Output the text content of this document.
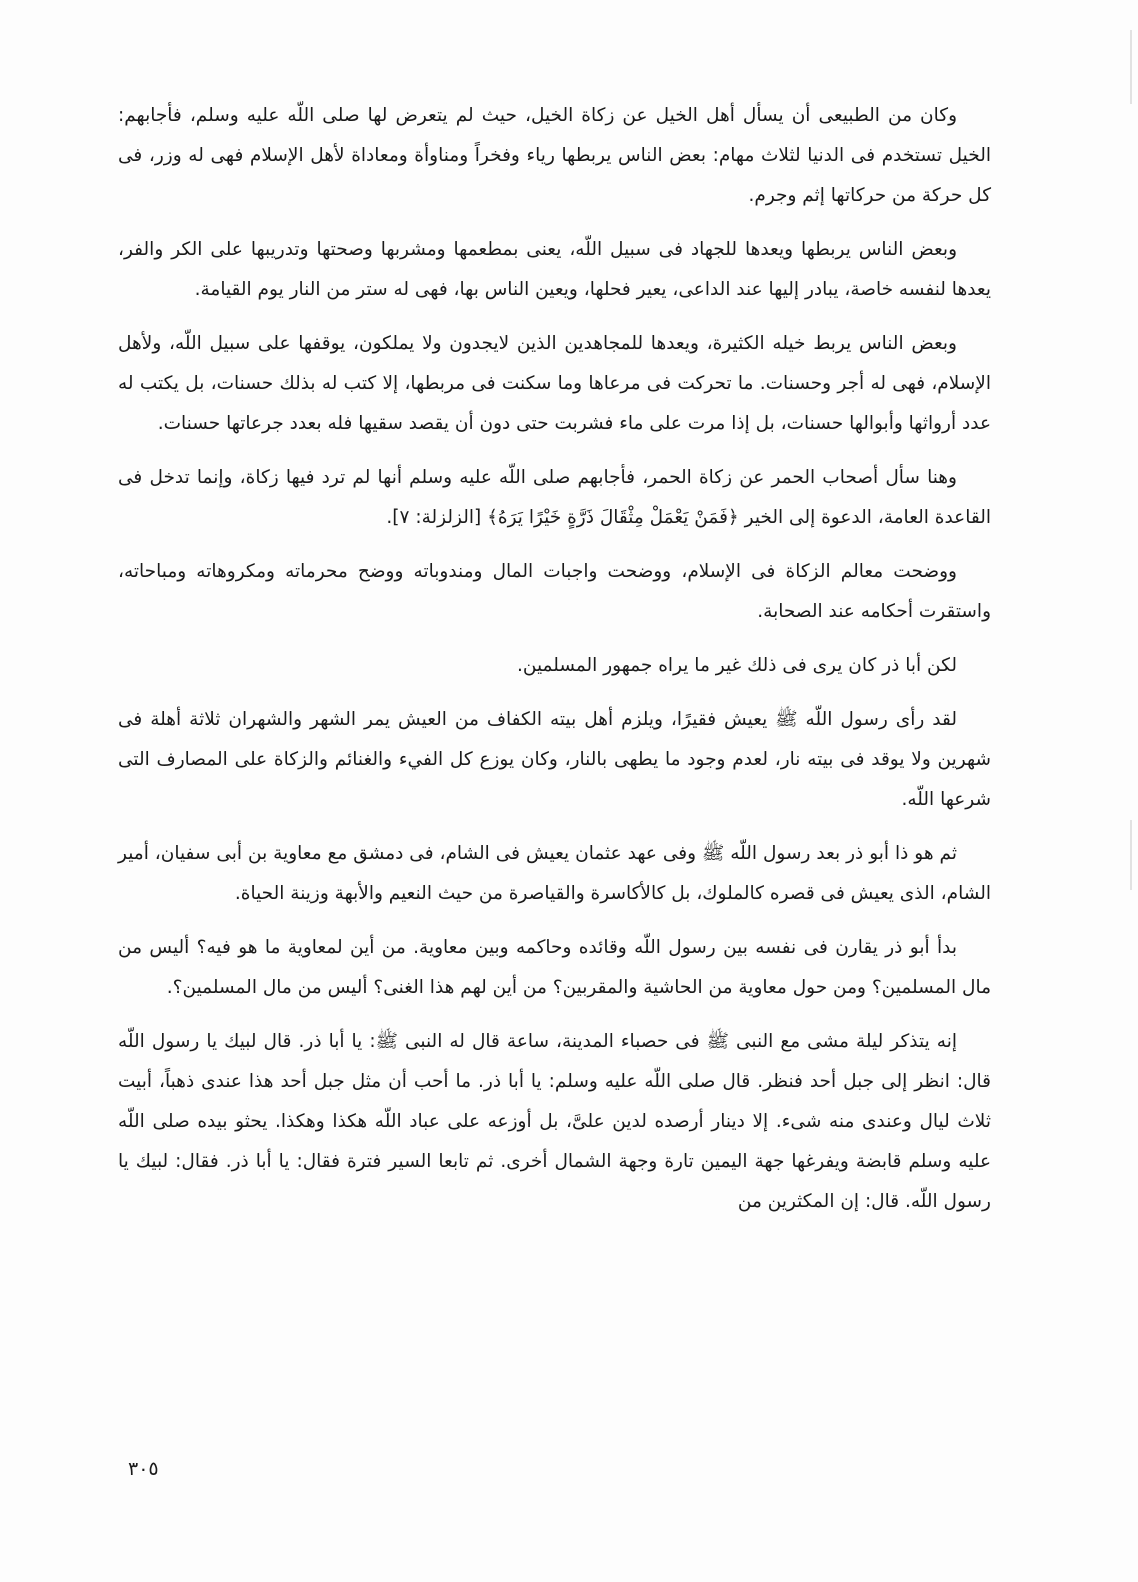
وكان من الطبيعى أن يسأل أهل الخيل عن زكاة الخيل، حيث لم يتعرض لها صلى اللّه عليه وسلم، فأجابهم: الخيل تستخدم فى الدنيا لثلاث مهام: بعض الناس يربطها رياء وفخراً ومناوأة ومعاداة لأهل الإسلام فهى له وزر، فى كل حركة من حركاتها إثم وجرم.

وبعض الناس يربطها ويعدها للجهاد فى سبيل اللّه، يعنى بمطعمها ومشربها وصحتها وتدريبها على الكر والفر، يعدها لنفسه خاصة، يبادر إليها عند الداعى، يعير فحلها، ويعين الناس بها، فهى له ستر من النار يوم القيامة.

وبعض الناس يربط خيله الكثيرة، ويعدها للمجاهدين الذين لايجدون ولا يملكون، يوقفها على سبيل اللّه، ولأهل الإسلام، فهى له أجر وحسنات. ما تحركت فى مرعاها وما سكنت فى مربطها، إلا كتب له بذلك حسنات، بل يكتب له عدد أرواثها وأبوالها حسنات، بل إذا مرت على ماء فشربت حتى دون أن يقصد سقيها فله بعدد جرعاتها حسنات.

وهنا سأل أصحاب الحمر عن زكاة الحمر، فأجابهم صلى اللّه عليه وسلم أنها لم ترد فيها زكاة، وإنما تدخل فى القاعدة العامة، الدعوة إلى الخير ﴿فَمَنْ يَعْمَلْ مِثْقَالَ ذَرَّةٍ خَيْرًا يَرَهُ﴾ [الزلزلة: ٧].

ووضحت معالم الزكاة فى الإسلام، ووضحت واجبات المال ومندوباته ووضح محرماته ومكروهاته ومباحاته، واستقرت أحكامه عند الصحابة.

لكن أبا ذر كان يرى فى ذلك غير ما يراه جمهور المسلمين.

لقد رأى رسول اللّه ﷺ يعيش فقيرًا، ويلزم أهل بيته الكفاف من العيش يمر الشهر والشهران ثلاثة أهلة فى شهرين ولا يوقد فى بيته نار، لعدم وجود ما يطهى بالنار، وكان يوزع كل الفيء والغنائم والزكاة على المصارف التى شرعها اللّه.

ثم هو ذا أبو ذر بعد رسول اللّه ﷺ وفى عهد عثمان يعيش فى الشام، فى دمشق مع معاوية بن أبى سفيان، أمير الشام، الذى يعيش فى قصره كالملوك، بل كالأكاسرة والقياصرة من حيث النعيم والأبهة وزينة الحياة.

بدأ أبو ذر يقارن فى نفسه بين رسول اللّه وقائده وحاكمه وبين معاوية. من أين لمعاوية ما هو فيه؟ أليس من مال المسلمين؟ ومن حول معاوية من الحاشية والمقربين؟ من أين لهم هذا الغنى؟ أليس من مال المسلمين؟.

إنه يتذكر ليلة مشى مع النبى ﷺ فى حصباء المدينة، ساعة قال له النبى ﷺ: يا أبا ذر. قال لبيك يا رسول اللّه قال: انظر إلى جبل أحد فنظر. قال صلى اللّه عليه وسلم: يا أبا ذر. ما أحب أن مثل جبل أحد هذا عندى ذهباً، أبيت ثلاث ليال وعندى منه شىء. إلا دينار أرصده لدين علىَّ، بل أوزعه على عباد اللّه هكذا وهكذا. يحثو بيده صلى اللّه عليه وسلم قابضة ويفرغها جهة اليمين تارة وجهة الشمال أخرى. ثم تابعا السير فترة فقال: يا أبا ذر. فقال: لبيك يا رسول اللّه. قال: إن المكثرين من

٣٠٥
